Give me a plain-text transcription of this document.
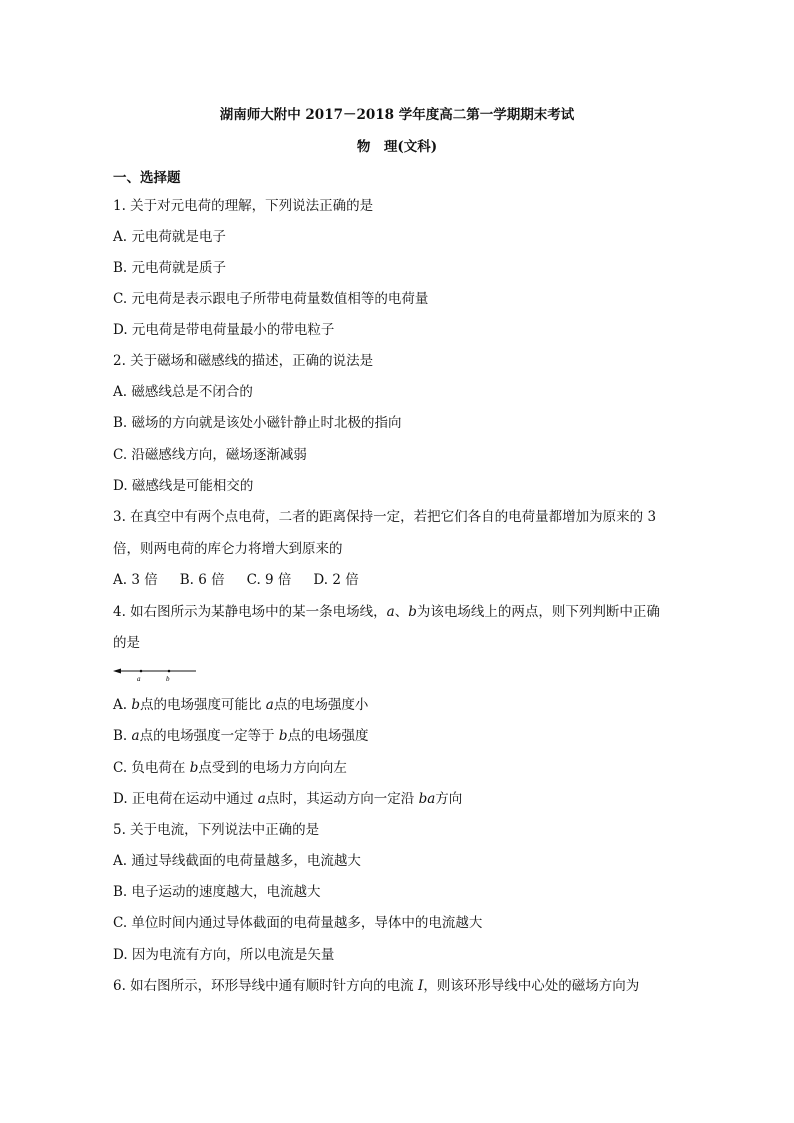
湖南师大附中 2017－2018 学年度高二第一学期期末考试
物　理(文科)
一、选择题
1. 关于对元电荷的理解，下列说法正确的是
A. 元电荷就是电子
B. 元电荷就是质子
C. 元电荷是表示跟电子所带电荷量数值相等的电荷量
D. 元电荷是带电荷量最小的带电粒子
2. 关于磁场和磁感线的描述，正确的说法是
A. 磁感线总是不闭合的
B. 磁场的方向就是该处小磁针静止时北极的指向
C. 沿磁感线方向，磁场逐渐减弱
D. 磁感线是可能相交的
3. 在真空中有两个点电荷，二者的距离保持一定，若把它们各自的电荷量都增加为原来的 3
倍，则两电荷的库仑力将增大到原来的
A. 3 倍 B. 6 倍 C. 9 倍 D. 2 倍
4. 如右图所示为某静电场中的某一条电场线，a、b为该电场线上的两点，则下列判断中正确
的是
a	b
A. b点的电场强度可能比 a点的电场强度小
B. a点的电场强度一定等于 b点的电场强度
C. 负电荷在 b点受到的电场力方向向左
D. 正电荷在运动中通过 a点时，其运动方向一定沿 ba方向
5. 关于电流，下列说法中正确的是
A. 通过导线截面的电荷量越多，电流越大
B. 电子运动的速度越大，电流越大
C. 单位时间内通过导体截面的电荷量越多，导体中的电流越大
D. 因为电流有方向，所以电流是矢量
6. 如右图所示，环形导线中通有顺时针方向的电流 I，则该环形导线中心处的磁场方向为
